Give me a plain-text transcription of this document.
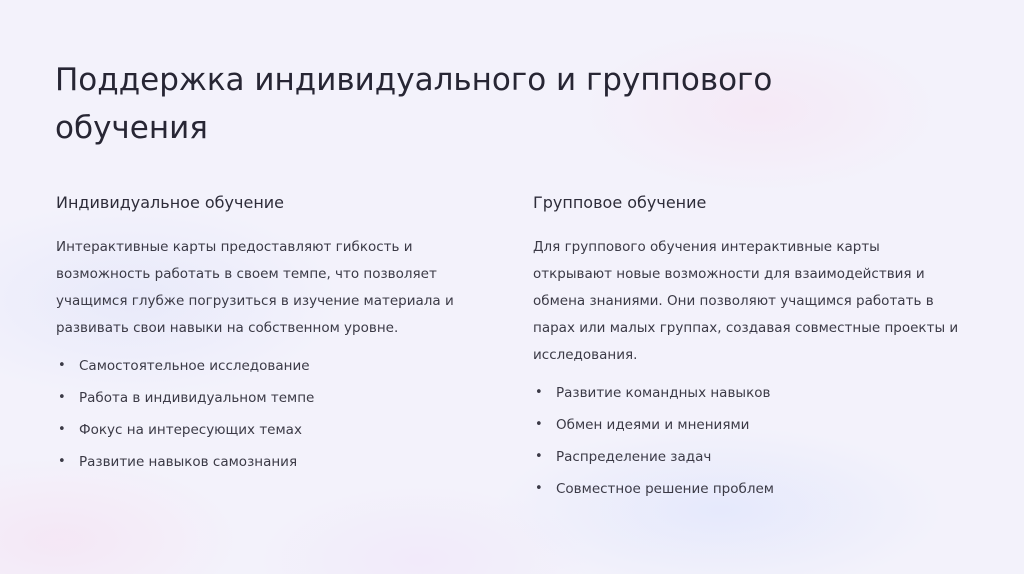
Поддержка индивидуального и группового обучения
Индивидуальное обучение

Интерактивные карты предоставляют гибкость и возможность работать в своем темпе, что позволяет учащимся глубже погрузиться в изучение материала и развивать свои навыки на собственном уровне.

• Самостоятельное исследование
• Работа в индивидуальном темпе
• Фокус на интересующих темах
• Развитие навыков самознания
Групповое обучение

Для группового обучения интерактивные карты открывают новые возможности для взаимодействия и обмена знаниями. Они позволяют учащимся работать в парах или малых группах, создавая совместные проекты и исследования.

• Развитие командных навыков
• Обмен идеями и мнениями
• Распределение задач
• Совместное решение проблем
